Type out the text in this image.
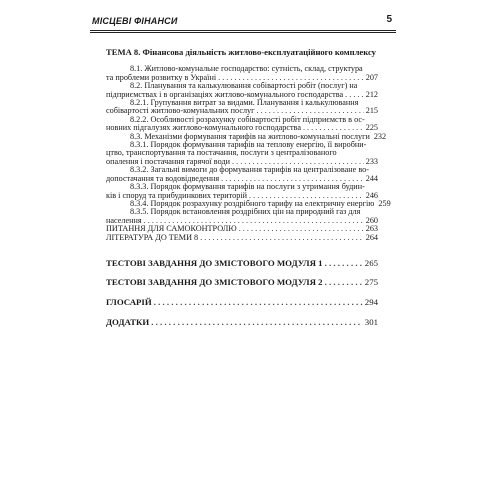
МІСЦЕВІ ФІНАНСИ	5
ТЕМА 8. Фінансова діяльність житлово-експлуатаційного комплексу
8.1. Житлово-комунальне господарство: сутність, склад, структура
та проблеми розвитку в Україні . . .	207
8.2. Планування та калькулювання собівартості робіт (послуг) на
підприємствах і в організаціях житлово-комунального господарства . . .	212
8.2.1. Групування витрат за видами. Планування і калькулювання
собівартості житлово-комунальних послуг . . .	215
8.2.2. Особливості розрахунку собівартості робіт підприємств в ос-
новних підгалузях житлово-комунального господарства . . .	225
8.3. Механізми формування тарифів на житлово-комунальні послуги 232
8.3.1. Порядок формування тарифів на теплову енергію, її виробни-
цтво, транспортування та постачання, послуги з централізованого
опалення і постачання гарячої води . . .	233
8.3.2. Загальні вимоги до формування тарифів на централізоване во-
допостачання та водовідведення . . .	244
8.3.3. Порядок формування тарифів на послуги з утримання будин-
ків і споруд та прибудинкових територій . . .	246
8.3.4. Порядок розрахунку роздрібного тарифу на електричну енергію 259
8.3.5. Порядок встановлення роздрібних цін на природний газ для
населення . . .	260
ПИТАННЯ ДЛЯ САМОКОНТРОЛЮ . . .	263
ЛІТЕРАТУРА ДО ТЕМИ 8 . . .	264
ТЕСТОВІ ЗАВДАННЯ ДО ЗМІСТОВОГО МОДУЛЯ 1 . . .	265
ТЕСТОВІ ЗАВДАННЯ ДО ЗМІСТОВОГО МОДУЛЯ 2 . . .	275
ГЛОСАРІЙ . . .	294
ДОДАТКИ . . .	301
